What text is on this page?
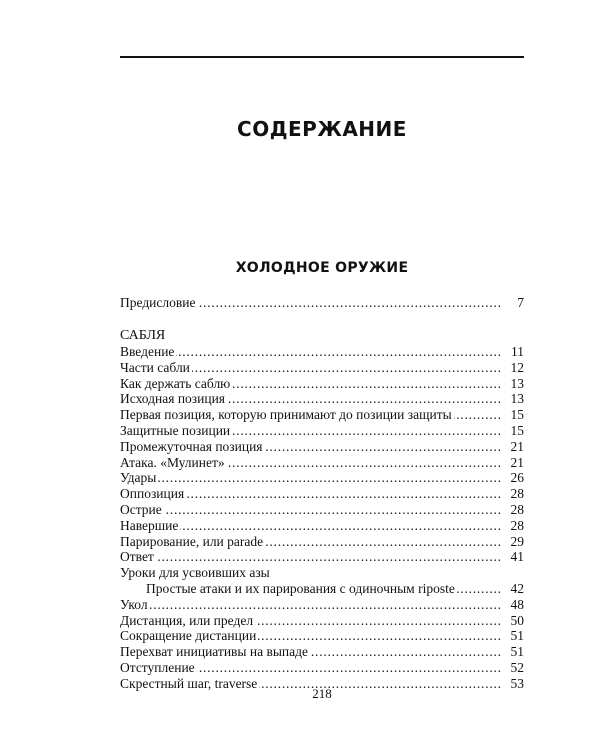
СОДЕРЖАНИЕ
ХОЛОДНОЕ ОРУЖИЕ
. . .
Предисловие	7
САБЛЯ
. . .
Введение	11
. . .
Части сабли	12
. . .
Как держать саблю	13
. . .
Исходная позиция	13
. . .
Первая позиция, которую принимают до позиции защиты	15
. . .
Защитные позиции	15
. . .
Промежуточная позиция	21
. . .
Атака. «Мулинет»	21
. . .
Удары	26
. . .
Оппозиция	28
. . .
Острие	28
. . .
Навершие	28
. . .
Парирование, или parade	29
. . .
Ответ	41
Уроки для усвоивших азы
. . .
Простые атаки и их парирования с одиночным riposte	42
. . .
Укол	48
. . .
Дистанция, или предел	50
. . .
Сокращение дистанции	51
. . .
Перехват инициативы на выпаде	51
. . .
Отступление	52
. . .
Скрестный шаг, traverse	53
218
